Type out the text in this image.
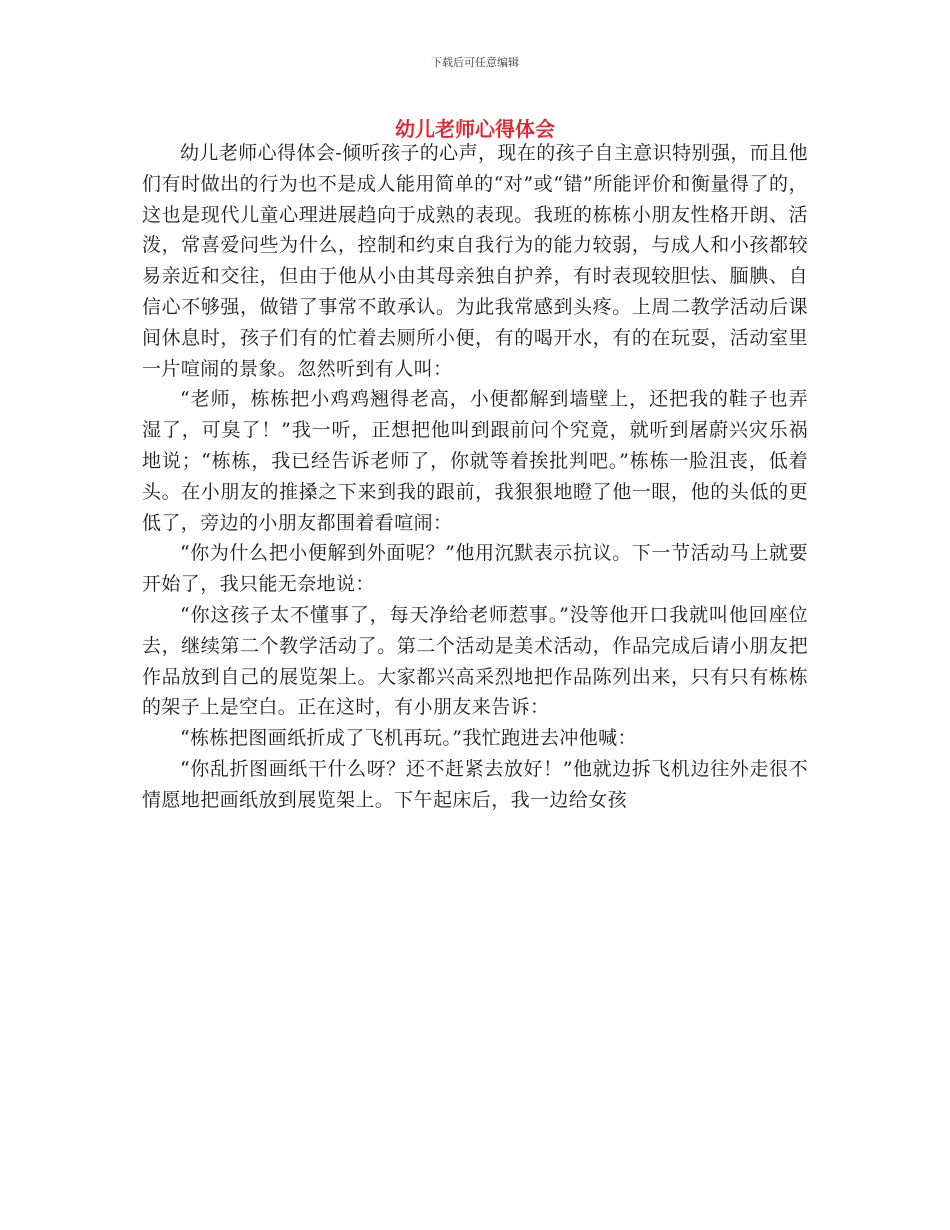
下载后可任意编辑
幼儿老师心得体会

幼儿老师心得体会-倾听孩子的心声，现在的孩子自主意识特别强，而且他们有时做出的行为也不是成人能用简单的“对”或“错”所能评价和衡量得了的，这也是现代儿童心理进展趋向于成熟的表现。我班的栋栋小朋友性格开朗、活泼，常喜爱问些为什么，控制和约束自我行为的能力较弱，与成人和小孩都较易亲近和交往，但由于他从小由其母亲独自护养，有时表现较胆怯、腼腆、自信心不够强，做错了事常不敢承认。为此我常感到头疼。上周二教学活动后课间休息时，孩子们有的忙着去厕所小便，有的喝开水，有的在玩耍，活动室里一片喧闹的景象。忽然听到有人叫：

“老师，栋栋把小鸡鸡翘得老高，小便都解到墙壁上，还把我的鞋子也弄湿了，可臭了！”我一听，正想把他叫到跟前问个究竟，就听到屠蔚兴灾乐祸地说；“栋栋，我已经告诉老师了，你就等着挨批判吧。”栋栋一脸沮丧，低着头。在小朋友的推搡之下来到我的跟前，我狠狠地瞪了他一眼，他的头低的更低了，旁边的小朋友都围着看喧闹：

“你为什么把小便解到外面呢？”他用沉默表示抗议。下一节活动马上就要开始了，我只能无奈地说：

“你这孩子太不懂事了，每天净给老师惹事。”没等他开口我就叫他回座位去，继续第二个教学活动了。第二个活动是美术活动，作品完成后请小朋友把作品放到自己的展览架上。大家都兴高采烈地把作品陈列出来，只有只有栋栋的架子上是空白。正在这时，有小朋友来告诉：

“栋栋把图画纸折成了飞机再玩。”我忙跑进去冲他喊：

“你乱折图画纸干什么呀？还不赶紧去放好！”他就边拆飞机边往外走很不情愿地把画纸放到展览架上。下午起床后，我一边给女孩
